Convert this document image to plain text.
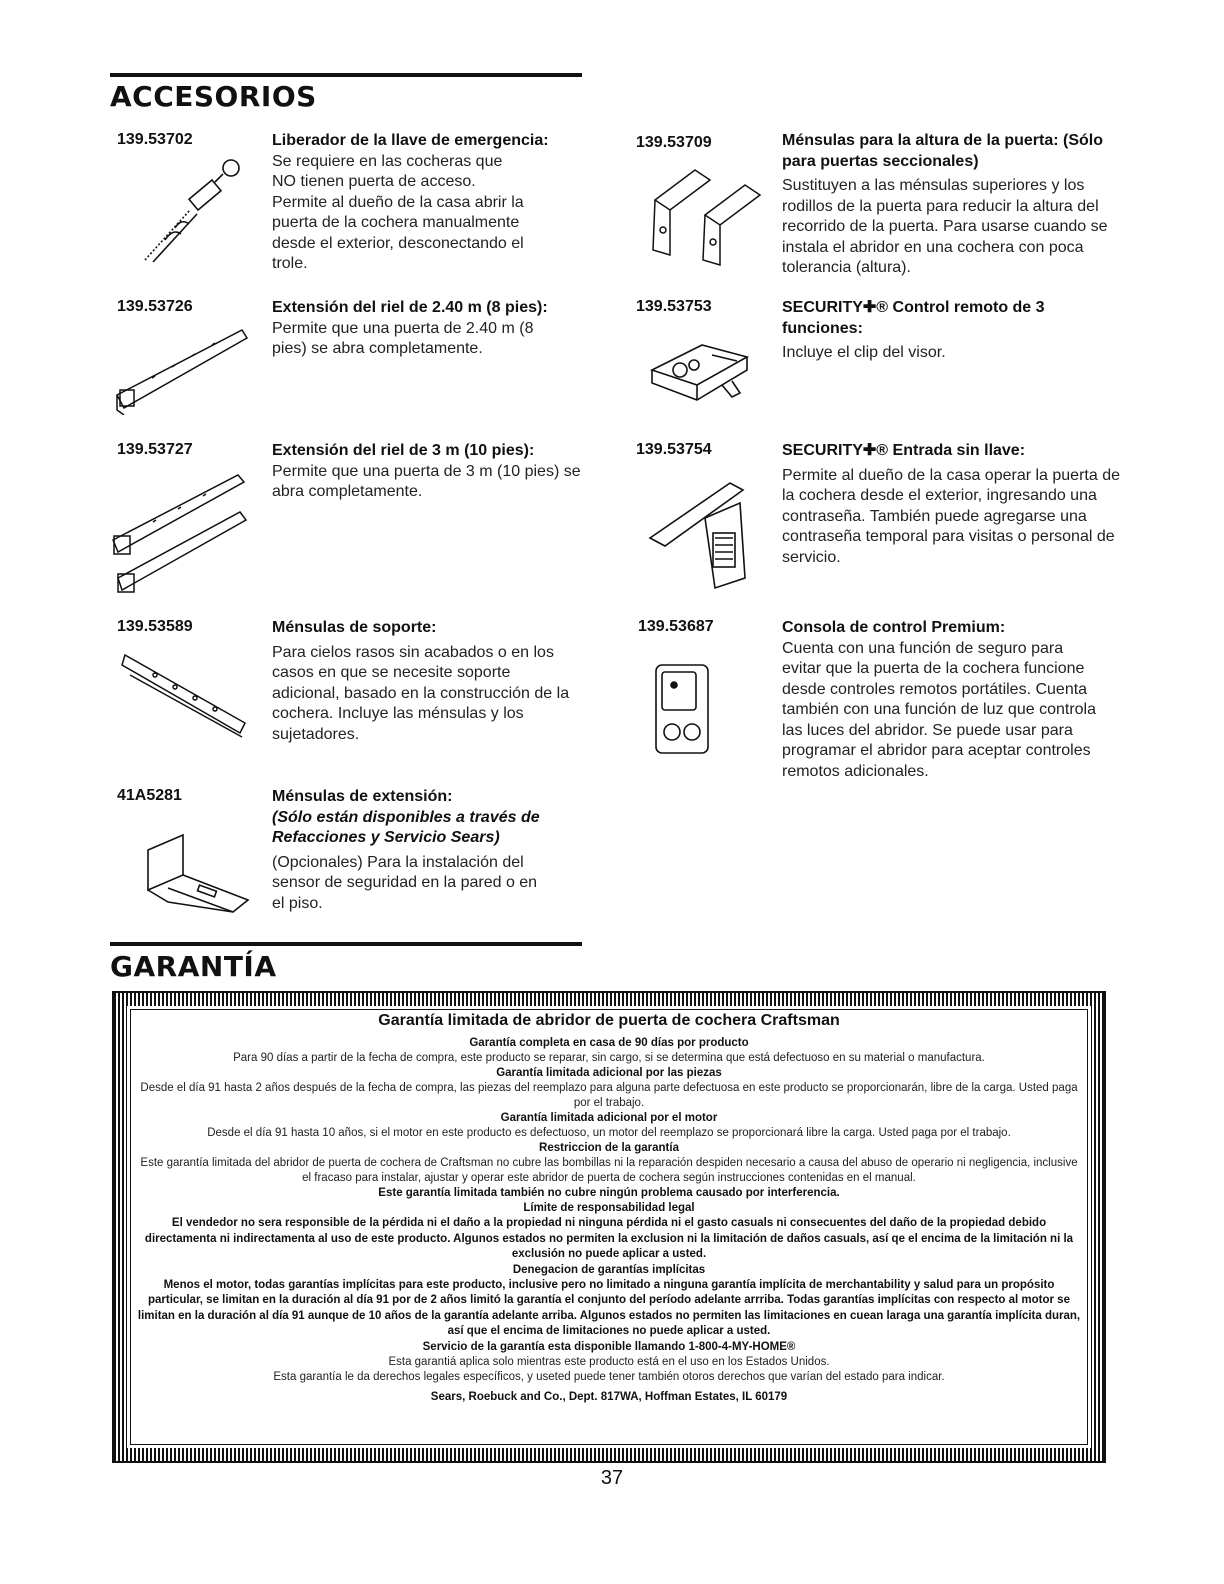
ACCESORIOS
139.53702	Liberador de la llave de emergencia:
Se requiere en las cocheras que NO tienen puerta de acceso. Permite al dueño de la casa abrir la puerta de la cochera manualmente desde el exterior, desconectando el trole.
139.53726	Extensión del riel de 2.40 m (8 pies):
Permite que una puerta de 2.40 m (8 pies) se abra completamente.
139.53727	Extensión del riel de 3 m (10 pies):
Permite que una puerta de 3 m (10 pies) se abra completamente.
139.53589	Ménsulas de soporte:
Para cielos rasos sin acabados o en los casos en que se necesite soporte adicional, basado en la construcción de la cochera. Incluye las ménsulas y los sujetadores.
41A5281	Ménsulas de extensión:
(Sólo están disponibles a través de Refacciones y Servicio Sears)
(Opcionales) Para la instalación del sensor de seguridad en la pared o en el piso.
139.53709	Ménsulas para la altura de la puerta: (Sólo para puertas seccionales)
Sustituyen a las ménsulas superiores y los rodillos de la puerta para reducir la altura del recorrido de la puerta. Para usarse cuando se instala el abridor en una cochera con poca tolerancia (altura).
139.53753	SECURITY✚® Control remoto de 3 funciones:
Incluye el clip del visor.
139.53754	SECURITY✚® Entrada sin llave:
Permite al dueño de la casa operar la puerta de la cochera desde el exterior, ingresando una contraseña. También puede agregarse una contraseña temporal para visitas o personal de servicio.
139.53687	Consola de control Premium:
Cuenta con una función de seguro para evitar que la puerta de la cochera funcione desde controles remotos portátiles. Cuenta también con una función de luz que controla las luces del abridor. Se puede usar para programar el abridor para aceptar controles remotos adicionales.
GARANTÍA

Garantía limitada de abridor de puerta de cochera Craftsman

Garantía completa en casa de 90 días por producto

Para 90 días a partir de la fecha de compra, este producto se reparar, sin cargo, si se determina que está defectuoso en su material o manufactura.

Garantía limitada adicional por las piezas

Desde el día 91 hasta 2 años después de la fecha de compra, las piezas del reemplazo para alguna parte defectuosa en este producto se proporcionarán, libre de la carga. Usted paga por el trabajo.

Garantía limitada adicional por el motor

Desde el día 91 hasta 10 años, si el motor en este producto es defectuoso, un motor del reemplazo se proporcionará libre la carga. Usted paga por el trabajo.

Restriccion de la garantía

Este garantía limitada del abridor de puerta de cochera de Craftsman no cubre las bombillas ni la reparación despiden necesario a causa del abuso de operario ni negligencia, inclusive el fracaso para instalar, ajustar y operar este abridor de puerta de cochera según instrucciones contenidas en el manual.

Este garantía limitada también no cubre ningún problema causado por interferencia.

Límite de responsabilidad legal

El vendedor no sera responsible de la pérdida ni el daño a la propiedad ni ninguna pérdida ni el gasto casuals ni consecuentes del daño de la propiedad debido directamenta ni indirectamenta al uso de este producto. Algunos estados no permiten la exclusion ni la limitación de daños casuals, así qe el encima de la limitación ni la exclusión no puede aplicar a usted.

Denegacion de garantías implícitas

Menos el motor, todas garantías implícitas para este producto, inclusive pero no limitado a ninguna garantía implícita de merchantability y salud para un propósito particular, se limitan en la duración al día 91 por de 2 años limitó la garantía el conjunto del período adelante arrriba. Todas garantías implícitas con respecto al motor se limitan en la duración al día 91 aunque de 10 años de la garantía adelante arriba. Algunos estados no permiten las limitaciones en cuean laraga una garantía implícita duran, así que el encima de limitaciones no puede aplicar a usted.

Servicio de la garantía esta disponible llamando 1-800-4-MY-HOME®

Esta garantiá aplica solo mientras este producto está en el uso en los Estados Unidos.

Esta garantía le da derechos legales específicos, y useted puede tener también otoros derechos que varían del estado para indicar.

Sears, Roebuck and Co., Dept. 817WA, Hoffman Estates, IL 60179

37
